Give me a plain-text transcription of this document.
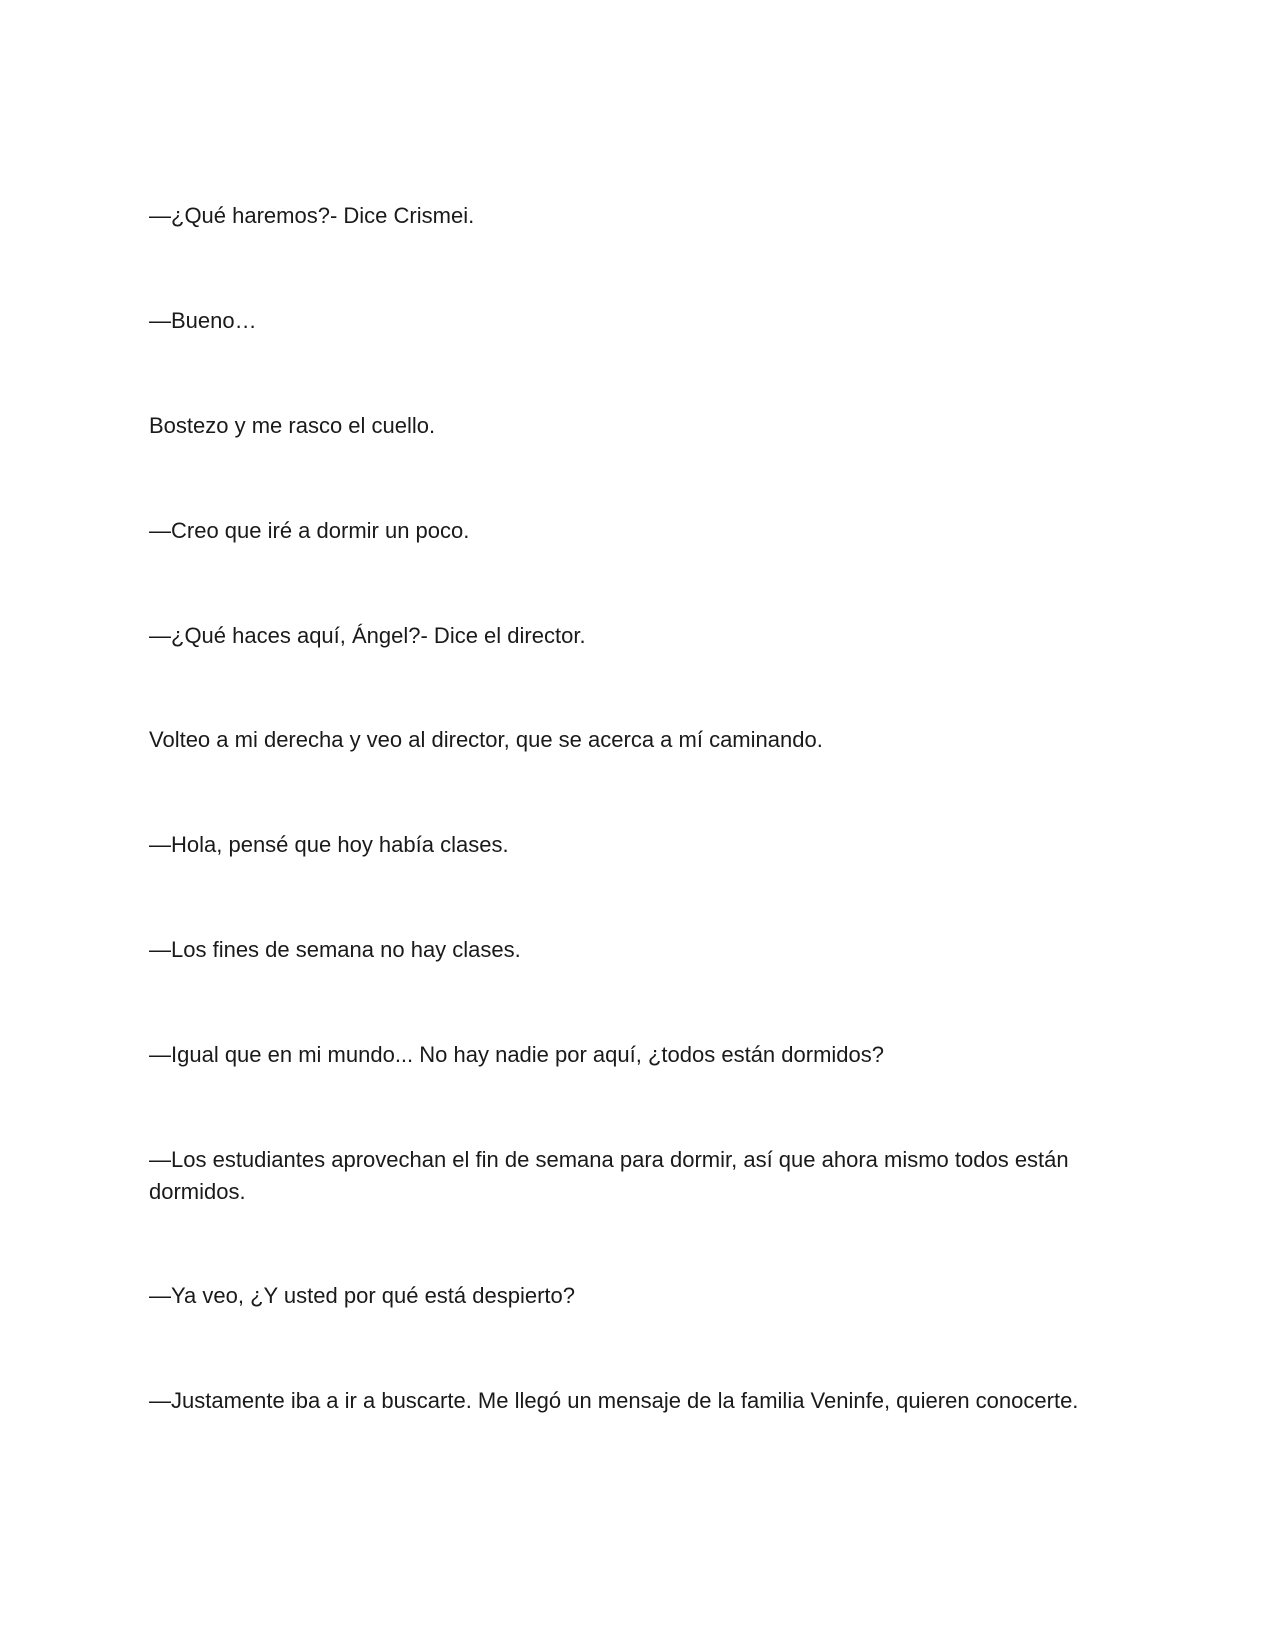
—¿Qué haremos?- Dice Crismei.

—Bueno…

Bostezo y me rasco el cuello.

—Creo que iré a dormir un poco.

—¿Qué haces aquí, Ángel?- Dice el director.

Volteo a mi derecha y veo al director, que se acerca a mí caminando.

—Hola, pensé que hoy había clases.

—Los fines de semana no hay clases.

—Igual que en mi mundo... No hay nadie por aquí, ¿todos están dormidos?

—Los estudiantes aprovechan el fin de semana para dormir, así que ahora mismo todos están dormidos.

—Ya veo, ¿Y usted por qué está despierto?

—Justamente iba a ir a buscarte. Me llegó un mensaje de la familia Veninfe, quieren conocerte.
